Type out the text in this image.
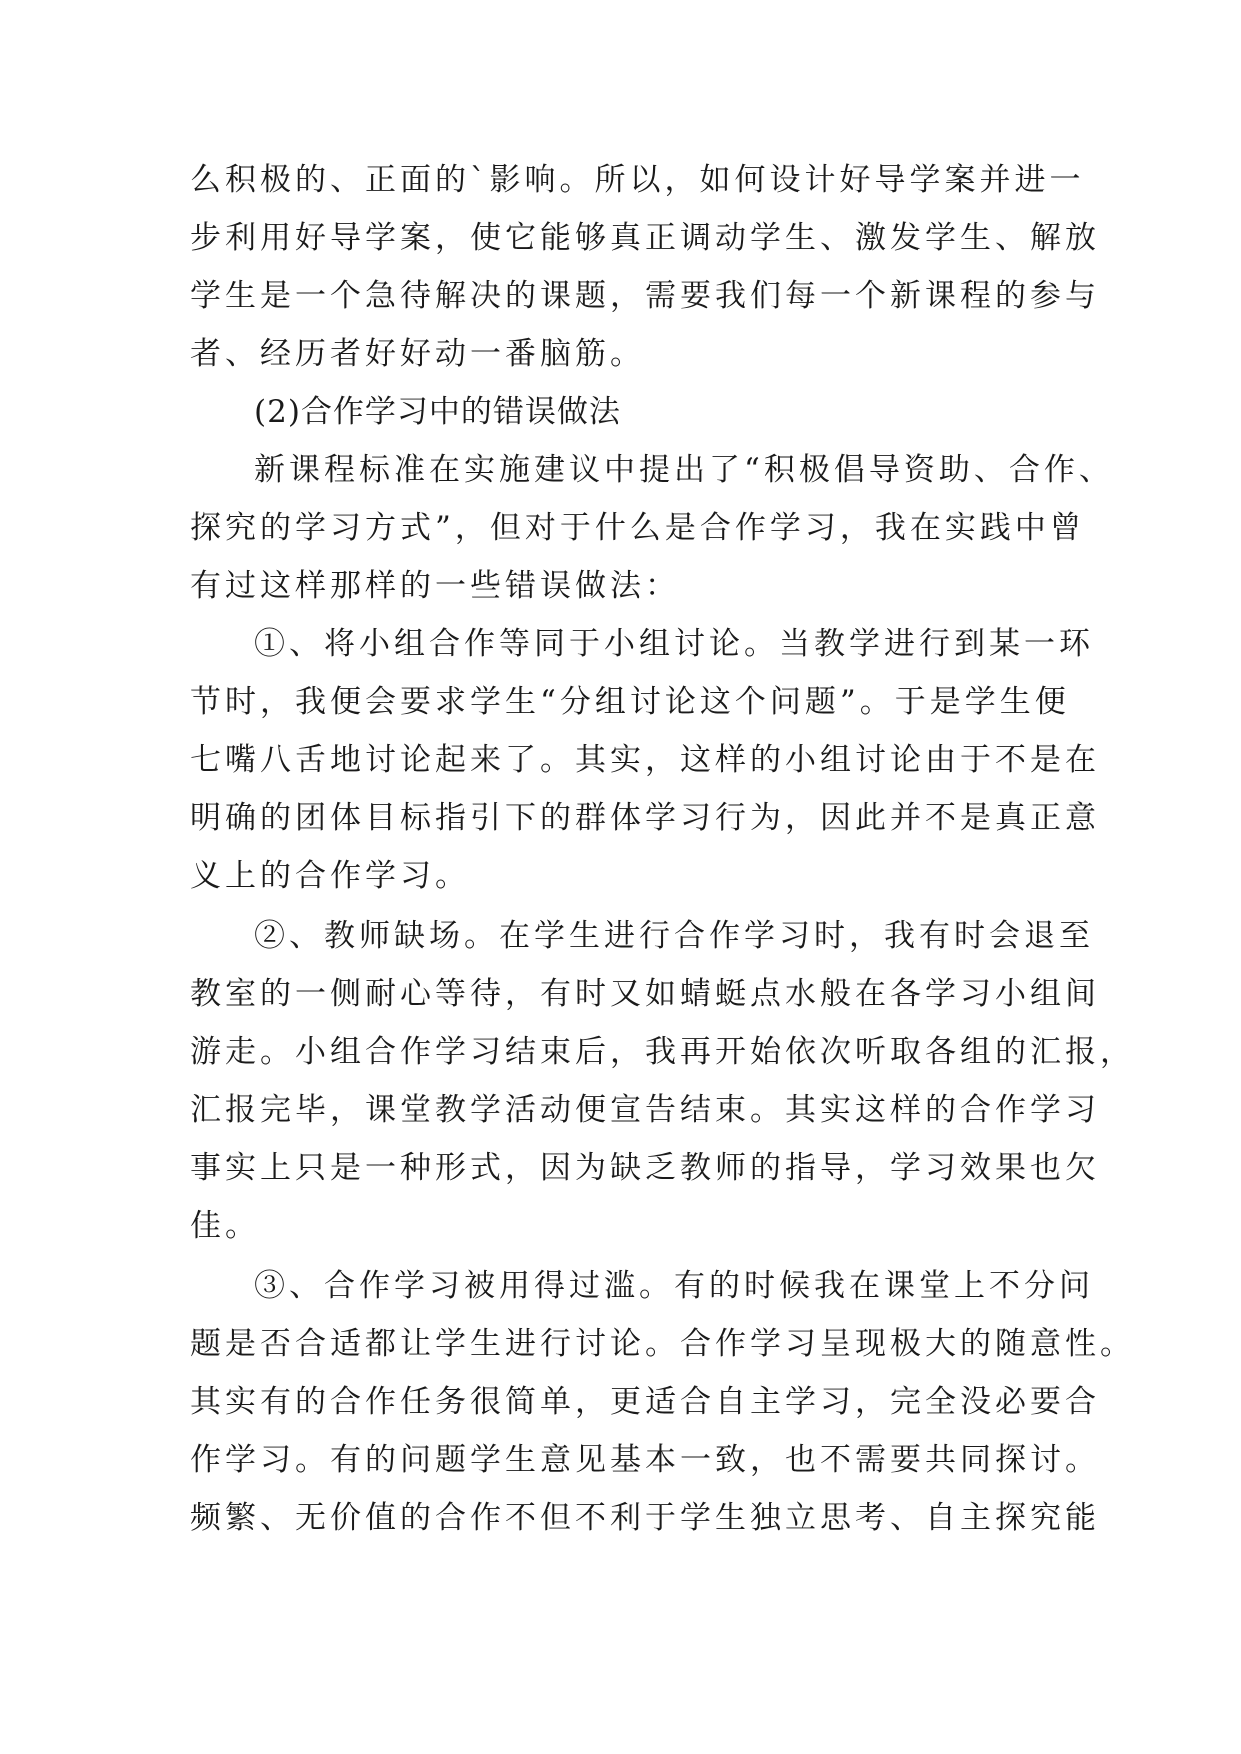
么积极的、正面的`影响。所以，如何设计好导学案并进一
步利用好导学案，使它能够真正调动学生、激发学生、解放
学生是一个急待解决的课题，需要我们每一个新课程的参与
者、经历者好好动一番脑筋。
(2)合作学习中的错误做法
新课程标准在实施建议中提出了“积极倡导资助、合作、
探究的学习方式”，但对于什么是合作学习，我在实践中曾
有过这样那样的一些错误做法：
①、将小组合作等同于小组讨论。当教学进行到某一环
节时，我便会要求学生“分组讨论这个问题”。于是学生便
七嘴八舌地讨论起来了。其实，这样的小组讨论由于不是在
明确的团体目标指引下的群体学习行为，因此并不是真正意
义上的合作学习。
②、教师缺场。在学生进行合作学习时，我有时会退至
教室的一侧耐心等待，有时又如蜻蜓点水般在各学习小组间
游走。小组合作学习结束后，我再开始依次听取各组的汇报，
汇报完毕，课堂教学活动便宣告结束。其实这样的合作学习
事实上只是一种形式，因为缺乏教师的指导，学习效果也欠
佳。
③、合作学习被用得过滥。有的时候我在课堂上不分问
题是否合适都让学生进行讨论。合作学习呈现极大的随意性。
其实有的合作任务很简单，更适合自主学习，完全没必要合
作学习。有的问题学生意见基本一致，也不需要共同探讨。
频繁、无价值的合作不但不利于学生独立思考、自主探究能
